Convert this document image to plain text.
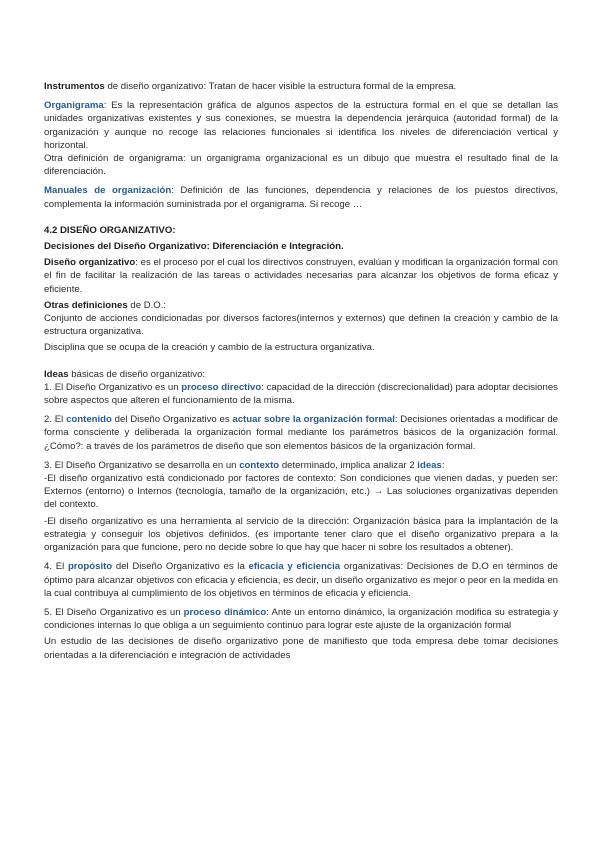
Instrumentos de diseño organizativo: Tratan de hacer visible la estructura formal de la empresa.

Organigrama: Es la representación gráfica de algunos aspectos de la estructura formal en el que se detallan las unidades organizativas existentes y sus conexiones, se muestra la dependencia jerárquica (autoridad formal) de la organización y aunque no recoge las relaciones funcionales si identifica los niveles de diferenciación vertical y horizontal.

Otra definición de organigrama: un organigrama organizacional es un dibujo que muestra el resultado final de la diferenciación.

Manuales de organización: Definición de las funciones, dependencia y relaciones de los puestos directivos, complementa la información suministrada por el organigrama. Si recoge …

4.2 DISEÑO ORGANIZATIVO:

Decisiones del Diseño Organizativo: Diferenciación e Integración.

Diseño organizativo: es el proceso por el cual los directivos construyen, evalúan y modifican la organización formal con el fin de facilitar la realización de las tareas o actividades necesarias para alcanzar los objetivos de forma eficaz y eficiente.

Otras definiciones de D.O.:

Conjunto de acciones condicionadas por diversos factores(internos y externos) que definen la creación y cambio de la estructura organizativa.

Disciplina que se ocupa de la creación y cambio de la estructura organizativa.

Ideas básicas de diseño organizativo:

1. El Diseño Organizativo es un proceso directivo: capacidad de la dirección (discrecionalidad) para adoptar decisiones sobre aspectos que alteren el funcionamiento de la misma.

2. El contenido del Diseño Organizativo es actuar sobre la organización formal: Decisiones orientadas a modificar de forma consciente y deliberada la organización formal mediante los parámetros básicos de la organización formal. ¿Cómo?: a través de los parámetros de diseño que son elementos básicos de la organización formal.

3. El Diseño Organizativo se desarrolla en un contexto determinado, implica analizar 2 ideas:

-El diseño organizativo está condicionado por factores de contexto: Son condiciones que vienen dadas, y pueden ser: Externos (entorno) o Internos (tecnología, tamaño de la organización, etc.) → Las soluciones organizativas dependen del contexto.

-El diseño organizativo es una herramienta al servicio de la dirección: Organización básica para la implantación de la estrategia y conseguir los objetivos definidos. (es importante tener claro que el diseño organizativo prepara a la organización para que funcione, pero no decide sobre lo que hay que hacer ni sobre los resultados a obtener).

4. El propósito del Diseño Organizativo es la eficacia y eficiencia organizativas: Decisiones de D.O en términos de óptimo para alcanzar objetivos con eficacia y eficiencia, es decir, un diseño organizativo es mejor o peor en la medida en la cual contribuya al cumplimiento de los objetivos en términos de eficacia y eficiencia.

5. El Diseño Organizativo es un proceso dinámico: Ante un entorno dinámico, la organización modifica su estrategia y condiciones internas lo que obliga a un seguimiento continuo para lograr este ajuste de la organización formal

Un estudio de las decisiones de diseño organizativo pone de manifiesto que toda empresa debe tomar decisiones orientadas a la diferenciación e integración de actividades
